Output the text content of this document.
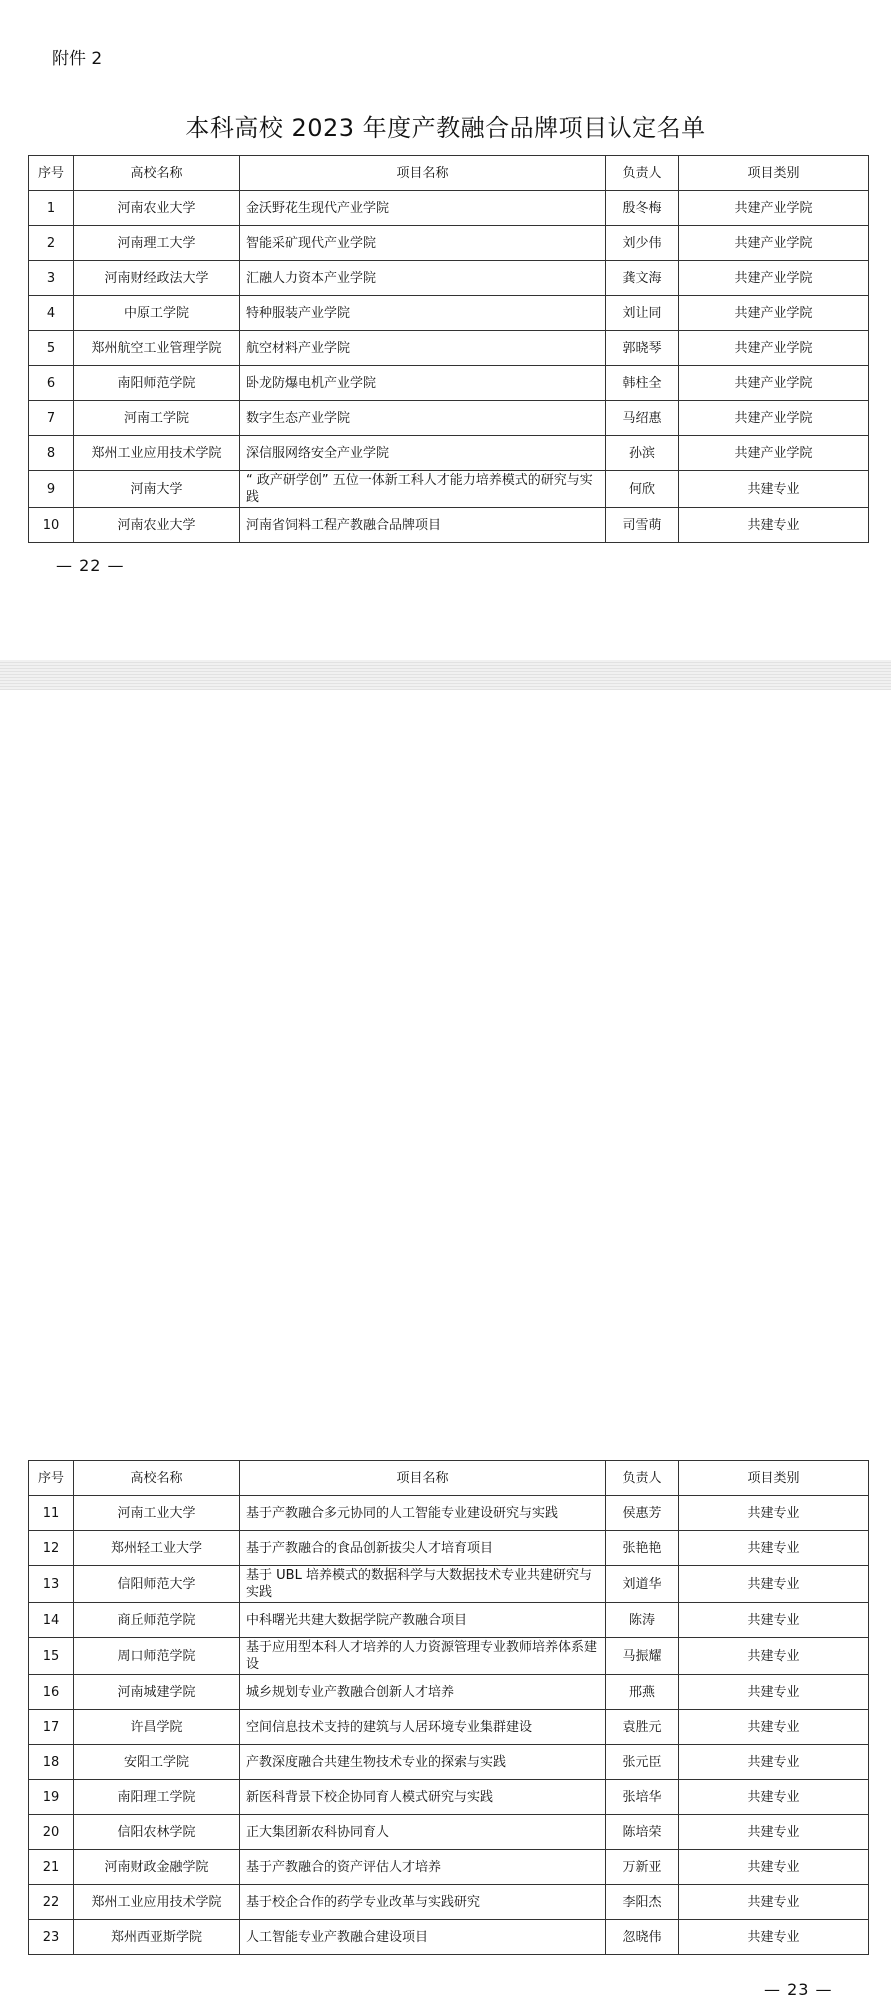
附件 2
本科高校 2023 年度产教融合品牌项目认定名单
序号	高校名称	项目名称	负责人	项目类别
1	河南农业大学	金沃野花生现代产业学院	殷冬梅	共建产业学院
2	河南理工大学	智能采矿现代产业学院	刘少伟	共建产业学院
3	河南财经政法大学	汇融人力资本产业学院	龚文海	共建产业学院
4	中原工学院	特种服装产业学院	刘让同	共建产业学院
5	郑州航空工业管理学院	航空材料产业学院	郭晓琴	共建产业学院
6	南阳师范学院	卧龙防爆电机产业学院	韩柱全	共建产业学院
7	河南工学院	数字生态产业学院	马绍惠	共建产业学院
8	郑州工业应用技术学院	深信服网络安全产业学院	孙滨	共建产业学院
9	河南大学	“ 政产研学创” 五位一体新工科人才能力培养模式的研究与实践	何欣	共建专业
10	河南农业大学	河南省饲料工程产教融合品牌项目	司雪萌	共建专业
— 22 —
序号	高校名称	项目名称	负责人	项目类别
11	河南工业大学	基于产教融合多元协同的人工智能专业建设研究与实践	侯惠芳	共建专业
12	郑州轻工业大学	基于产教融合的食品创新拔尖人才培育项目	张艳艳	共建专业
13	信阳师范大学	基于 UBL 培养模式的数据科学与大数据技术专业共建研究与实践	刘道华	共建专业
14	商丘师范学院	中科曙光共建大数据学院产教融合项目	陈涛	共建专业
15	周口师范学院	基于应用型本科人才培养的人力资源管理专业教师培养体系建设	马振耀	共建专业
16	河南城建学院	城乡规划专业产教融合创新人才培养	邢燕	共建专业
17	许昌学院	空间信息技术支持的建筑与人居环境专业集群建设	袁胜元	共建专业
18	安阳工学院	产教深度融合共建生物技术专业的探索与实践	张元臣	共建专业
19	南阳理工学院	新医科背景下校企协同育人模式研究与实践	张培华	共建专业
20	信阳农林学院	正大集团新农科协同育人	陈培荣	共建专业
21	河南财政金融学院	基于产教融合的资产评估人才培养	万新亚	共建专业
22	郑州工业应用技术学院	基于校企合作的药学专业改革与实践研究	李阳杰	共建专业
23	郑州西亚斯学院	人工智能专业产教融合建设项目	忽晓伟	共建专业
— 23 —
